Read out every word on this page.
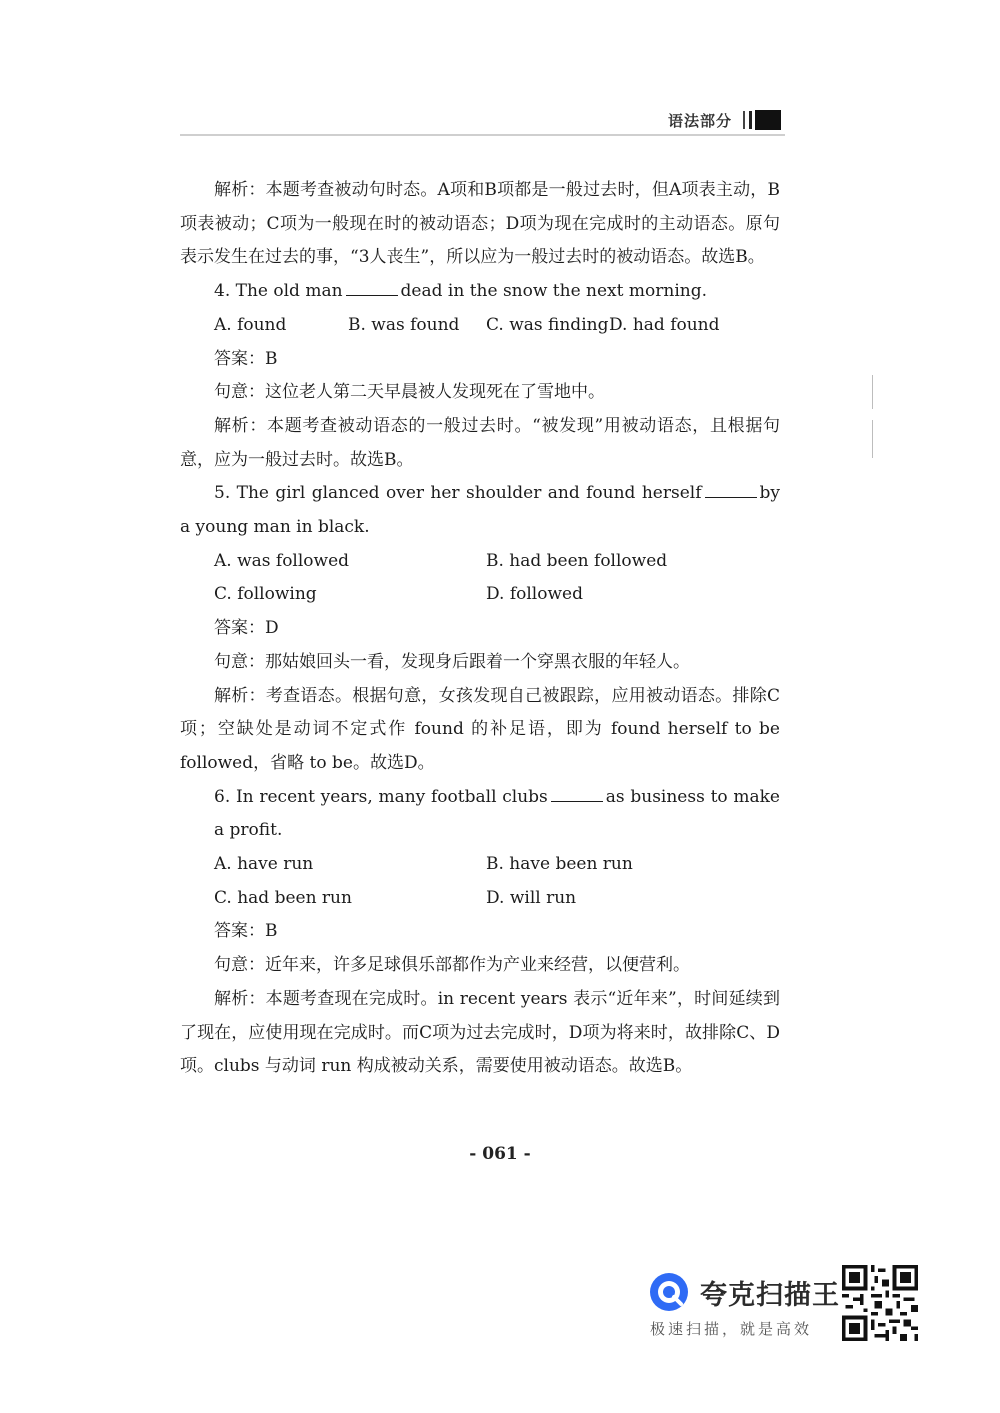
语法部分

解析：本题考查被动句时态。A项和B项都是一般过去时，但A项表主动，B项表被动；C项为一般现在时的被动语态；D项为现在完成时的主动语态。原句表示发生在过去的事，“3人丧生”，所以应为一般过去时的被动语态。故选B。

4. The old man	dead in the snow the next morning.

A. found	B. was found	C. was finding D. had found

答案：B

句意：这位老人第二天早晨被人发现死在了雪地中。

解析：本题考查被动语态的一般过去时。“被发现”用被动语态，且根据句意，应为一般过去时。故选B。

5. The girl glanced over her shoulder and found herself	by a young man in black.

A. was followed	B. had been followed
C. following	D. followed

答案：D

句意：那姑娘回头一看，发现身后跟着一个穿黑衣服的年轻人。

解析：考查语态。根据句意，女孩发现自己被跟踪，应用被动语态。排除C项；空缺处是动词不定式作 found 的补足语，即为 found herself to be followed，省略 to be。故选D。

6. In recent years, many football clubs	as business to make a profit.

A. have run	B. have been run
C. had been run	D. will run

答案：B

句意：近年来，许多足球俱乐部都作为产业来经营，以便营利。

解析：本题考查现在完成时。in recent years 表示“近年来”，时间延续到了现在，应使用现在完成时。而C项为过去完成时，D项为将来时，故排除C、D项。clubs 与动词 run 构成被动关系，需要使用被动语态。故选B。

- 061 -
夸克扫描王
极速扫描，就是高效
